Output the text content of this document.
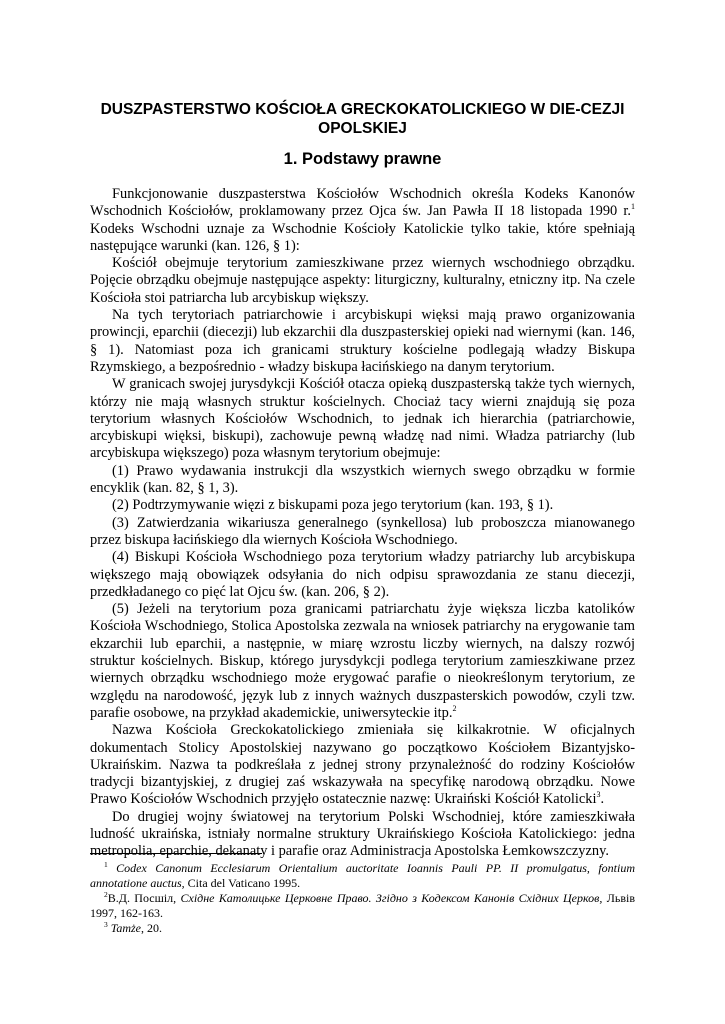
DUSZPASTERSTWO KOŚCIOŁA GRECKOKATOLICKIEGO W DIE-CEZJI OPOLSKIEJ
1. Podstawy prawne

Funkcjonowanie duszpasterstwa Kościołów Wschodnich określa Kodeks Kanonów Wschodnich Kościołów, proklamowany przez Ojca św. Jan Pawła II 18 listopada 1990 r.$^1$ Kodeks Wschodni uznaje za Wschodnie Kościoły Katolickie tylko takie, które spełniają następujące warunki (kan. 126, § 1):

Kościół obejmuje terytorium zamieszkiwane przez wiernych wschodniego obrządku. Pojęcie obrządku obejmuje następujące aspekty: liturgiczny, kulturalny, etniczny itp. Na czele Kościoła stoi patriarcha lub arcybiskup większy.

Na tych terytoriach patriarchowie i arcybiskupi więksi mają prawo organizowania prowincji, eparchii (diecezji) lub ekzarchii dla duszpasterskiej opieki nad wiernymi (kan. 146, § 1). Natomiast poza ich granicami struktury kościelne podlegają władzy Biskupa Rzymskiego, a bezpośrednio - władzy biskupa łacińskiego na danym terytorium.

W granicach swojej jurysdykcji Kościół otacza opieką duszpasterską także tych wiernych, którzy nie mają własnych struktur kościelnych. Chociaż tacy wierni znajdują się poza terytorium własnych Kościołów Wschodnich, to jednak ich hierarchia (patriarchowie, arcybiskupi więksi, biskupi), zachowuje pewną władzę nad nimi. Władza patriarchy (lub arcybiskupa większego) poza własnym terytorium obejmuje:

(1) Prawo wydawania instrukcji dla wszystkich wiernych swego obrządku w formie encyklik (kan. 82, § 1, 3).

(2) Podtrzymywanie więzi z biskupami poza jego terytorium (kan. 193, § 1).

(3) Zatwierdzania wikariusza generalnego (synkellosa) lub proboszcza mianowanego przez biskupa łacińskiego dla wiernych Kościoła Wschodniego.

(4) Biskupi Kościoła Wschodniego poza terytorium władzy patriarchy lub arcybiskupa większego mają obowiązek odsyłania do nich odpisu sprawozdania ze stanu diecezji, przedkładanego co pięć lat Ojcu św. (kan. 206, § 2).

(5) Jeżeli na terytorium poza granicami patriarchatu żyje większa liczba katolików Kościoła Wschodniego, Stolica Apostolska zezwala na wniosek patriarchy na erygowanie tam ekzarchii lub eparchii, a następnie, w miarę wzrostu liczby wiernych, na dalszy rozwój struktur kościelnych. Biskup, którego jurysdykcji podlega terytorium zamieszkiwane przez wiernych obrządku wschodniego może erygować parafie o nieokreślonym terytorium, ze względu na narodowość, język lub z innych ważnych duszpasterskich powodów, czyli tzw. parafie osobowe, na przykład akademickie, uniwersyteckie itp.$^2$

Nazwa Kościoła Greckokatolickiego zmieniała się kilkakrotnie. W oficjalnych dokumentach Stolicy Apostolskiej nazywano go początkowo Kościołem Bizantyjsko-Ukraińskim. Nazwa ta podkreślała z jednej strony przynależność do rodziny Kościołów tradycji bizantyjskiej, z drugiej zaś wskazywała na specyfikę narodową obrządku. Nowe Prawo Kościołów Wschodnich przyjęło ostatecznie nazwę: Ukraiński Kościół Katolicki$^3$.

Do drugiej wojny światowej na terytorium Polski Wschodniej, które zamieszkiwała ludność ukraińska, istniały normalne struktury Ukraińskiego Kościoła Katolickiego: jedna metropolia, eparchie, dekanaty i parafie oraz Administracja Apostolska Łemkowszczyzny.

$^1$ Codex Canonum Ecclesiarum Orientalium auctoritate Ioannis Pauli PP. II promulgatus, fontium annotatione auctus, Cita del Vaticano 1995.

$^2$В.Д. Посшіл, Східне Католицьке Церковне Право. Згідно з Кодексом Канонів Східних Церков, Львів 1997, 162-163.

$^3$ Tamże, 20.
